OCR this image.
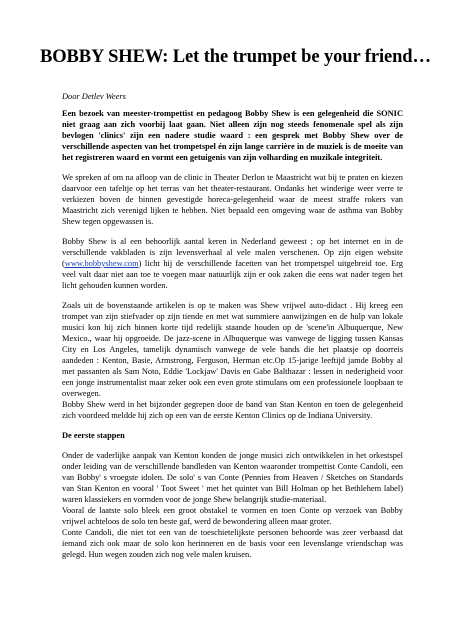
BOBBY SHEW: Let the trumpet be your friend…
Door Detlev Weers

Een bezoek van meester-trompettist en pedagoog Bobby Shew is een gelegenheid die SONIC niet graag aan zich voorbij laat gaan. Niet alleen zijn nog steeds fenomenale spel als zijn bevlogen 'clinics' zijn een nadere studie waard : een gesprek met Bobby Shew over de verschillende aspecten van het trompetspel én zijn lange carrière in de muziek is de moeite van het registreren waard en vormt een getuigenis van zijn volharding en muzikale integriteit.

We spreken af om na afloop van de clinic in Theater Derlon te Maastricht wat bij te praten en kiezen daarvoor een tafeltje op het terras van het theater-restaurant. Ondanks het winderige weer verre te verkiezen boven de binnen gevestigde horeca-gelegenheid waar de meest straffe rokers van Maastricht zich verenigd lijken te hebben. Niet bepaald een omgeving waar de asthma van Bobby Shew tegen opgewassen is.

Bobby Shew is al een behoorlijk aantal keren in Nederland geweest ; op het internet en in de verschillende vakbladen is zijn levensverhaal al vele malen verschenen. Op zijn eigen website (www.bobbyshew.com) licht hij de verschillende facetten van het trompetspel uitgebreid toe. Erg veel valt daar niet aan toe te voegen maar natuurlijk zijn er ook zaken die eens wat nader tegen het licht gehouden kunnen worden.

Zoals uit de bovenstaande artikelen is op te maken was Shew vrijwel auto-didact . Hij kreeg een trompet van zijn stiefvader op zijn tiende en met wat summiere aanwijzingen en de hulp van lokale musici kon hij zich binnen korte tijd redelijk staande houden op de 'scene'in Albuquerque, New Mexico., waar hij opgroeide. De jazz-scene in Albuquerque was vanwege de ligging tussen Kansas City en Los Angeles, tamelijk dynamisch vanwege de vele bands die het plaatsje op doorreis aandeden : Kenton, Basie, Armstrong, Ferguson, Herman etc.Op 15-jarige leeftijd jamde Bobby al met passanten als Sam Noto, Eddie 'Lockjaw' Davis en Gabe Balthazar : lessen in nederigheid voor een jonge instrumentalist maar zeker ook een even grote stimulans om een professionele loopbaan te overwegen.

Bobby Shew werd in het bijzonder gegrepen door de band van Stan Kenton en toen de gelegenheid zich voordeed meldde hij zich op een van de eerste Kenton Clinics op de Indiana University.

De eerste stappen

Onder de vaderlijke aanpak van Kenton konden de jonge musici zich ontwikkelen in het orkestspel onder leiding van de verschillende bandleden van Kenton waaronder trompettist Conte Candoli, een van Bobby' s vroegste idolen. De solo' s van Conte (Pennies from Heaven / Sketches on Standards van Stan Kenton en vooral ' Toot Sweet ' met het quintet van Bill Holman op het Bethlehem label) waren klassiekers en vormden voor de jonge Shew belangrijk studie-materiaal.

Vooral de laatste solo bleek een groot obstakel te vormen en toen Conte op verzoek van Bobby vrijwel achteloos de solo ten beste gaf, werd de bewondering alleen maar groter.

Conte Candoli, die niet tot een van de toeschietelijkste personen behoorde was zeer verbaasd dat iemand zich ook maar de solo kon herinneren en de basis voor een levenslange vriendschap was gelegd. Hun wegen zouden zich nog vele malen kruisen.
